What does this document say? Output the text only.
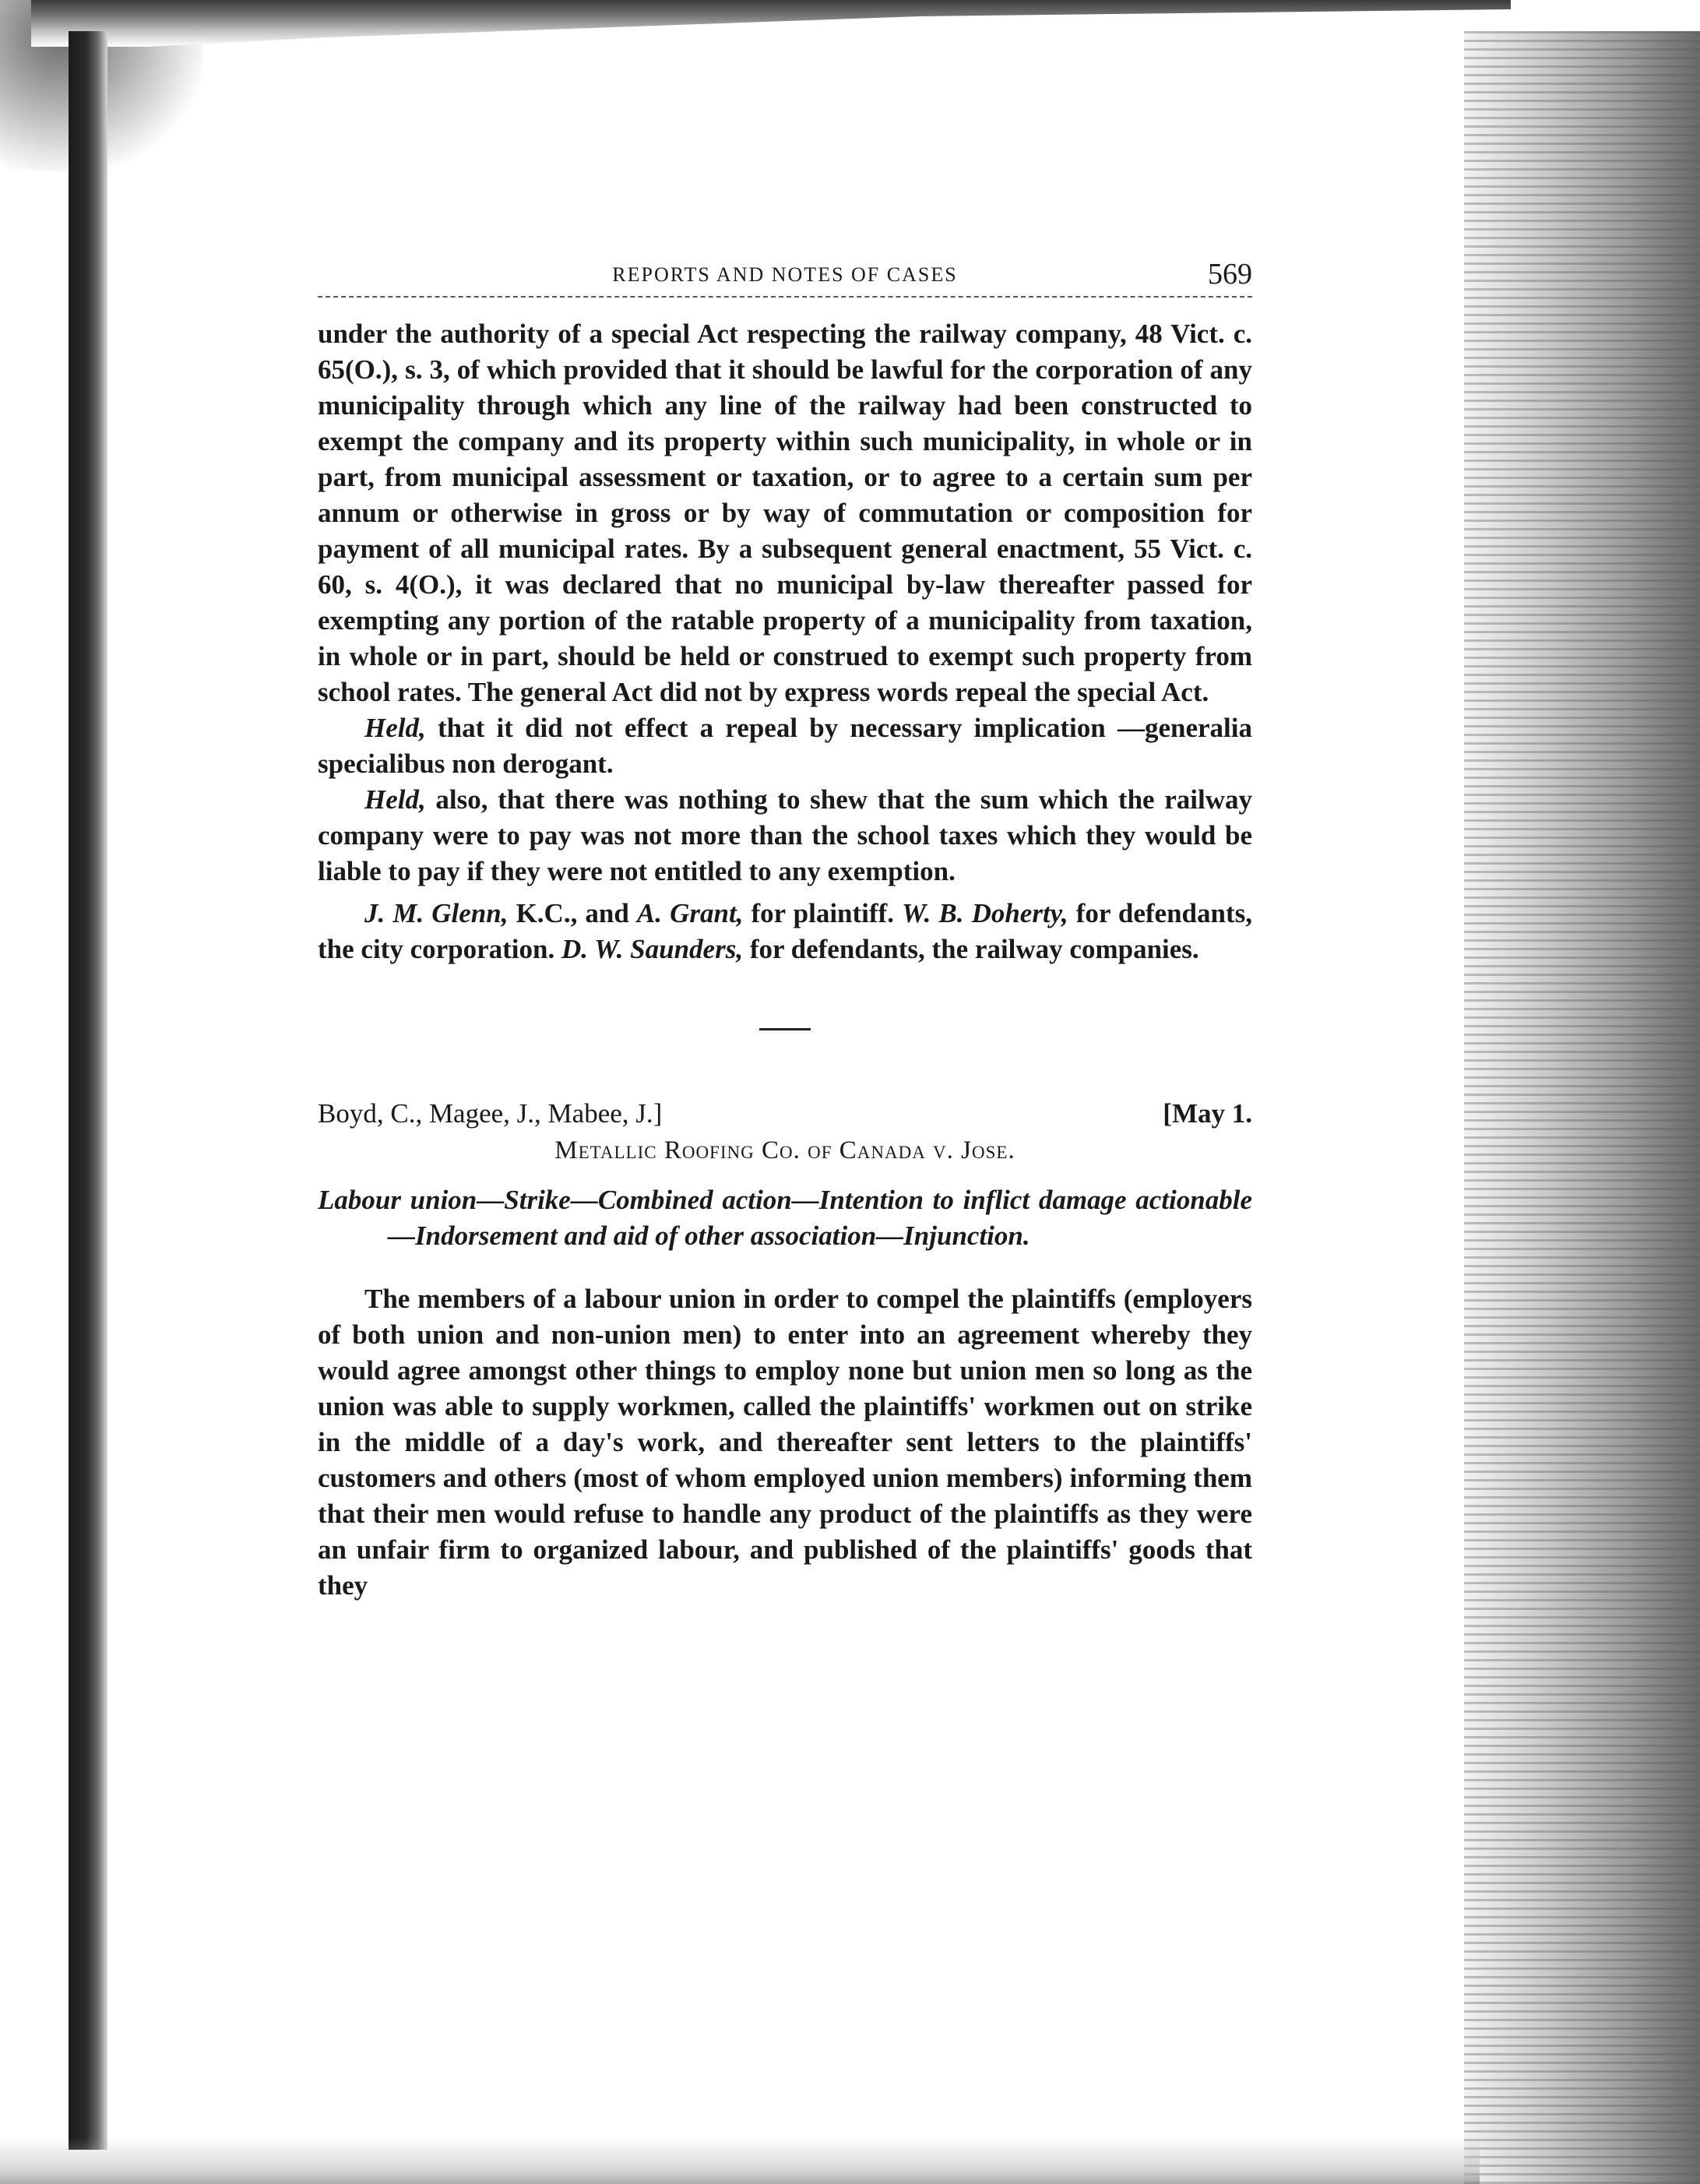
REPORTS AND NOTES OF CASES	569

under the authority of a special Act respecting the railway company, 48 Vict. c. 65(O.), s. 3, of which provided that it should be lawful for the corporation of any municipality through which any line of the railway had been constructed to exempt the company and its property within such municipality, in whole or in part, from municipal assessment or taxation, or to agree to a certain sum per annum or otherwise in gross or by way of commutation or composition for payment of all municipal rates. By a subsequent general enactment, 55 Vict. c. 60, s. 4(O.), it was declared that no municipal by-law thereafter passed for exempting any portion of the ratable property of a municipality from taxation, in whole or in part, should be held or construed to exempt such property from school rates. The general Act did not by express words repeal the special Act.

Held, that it did not effect a repeal by necessary implication —generalia specialibus non derogant.

Held, also, that there was nothing to shew that the sum which the railway company were to pay was not more than the school taxes which they would be liable to pay if they were not entitled to any exemption.

J. M. Glenn, K.C., and A. Grant, for plaintiff. W. B. Doherty, for defendants, the city corporation. D. W. Saunders, for defendants, the railway companies.

Boyd, C., Magee, J., Mabee, J.]	[May 1.
Metallic Roofing Co. of Canada v. Jose.

Labour union—Strike—Combined action—Intention to inflict damage actionable—Indorsement and aid of other association—Injunction.

The members of a labour union in order to compel the plaintiffs (employers of both union and non-union men) to enter into an agreement whereby they would agree amongst other things to employ none but union men so long as the union was able to supply workmen, called the plaintiffs' workmen out on strike in the middle of a day's work, and thereafter sent letters to the plaintiffs' customers and others (most of whom employed union members) informing them that their men would refuse to handle any product of the plaintiffs as they were an unfair firm to organized labour, and published of the plaintiffs' goods that they
